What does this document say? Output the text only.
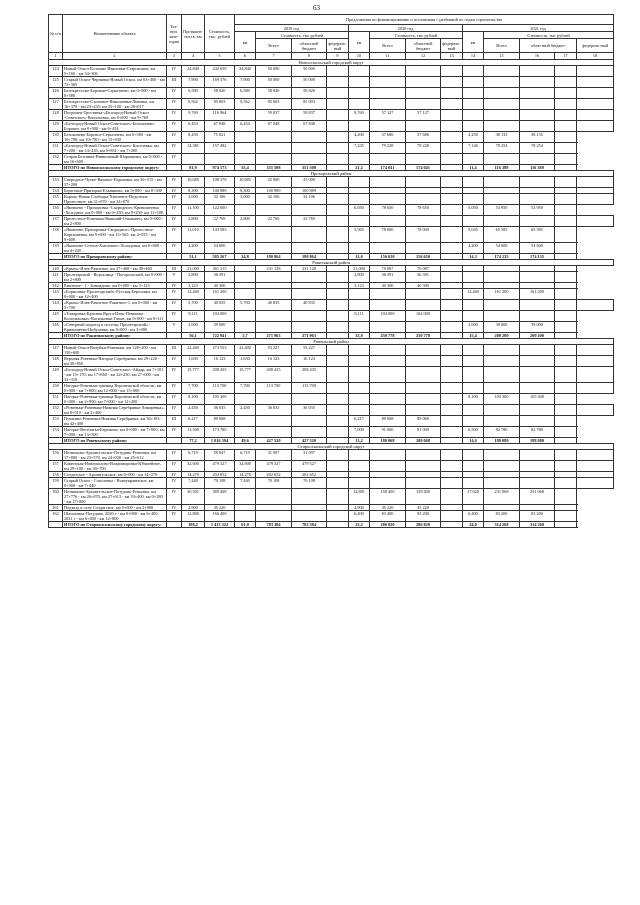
63
№ п/п	Наименование объекта	Тех-нич. кате-гория	Протяжен-ность, км	Стоимость, тыс. рублей	Предложения по финансированию и источникам с разбивкой по годам строительства													
					2019 год				2020 год				2021 год					
					км	Стоимость, тыс рублей			км	Стоимость, тыс рублей			км	Стоимость, тыс рублей				
						Всего	областной бюджет	федераль-ный		Всего	областной бюджет	федераль-ный		Всего	областной бюджет		федераль-ный	
1	2	3	4	5	6	7	8	9	10	11	12	13	14	15	16	17		18	
Новооскольский городской округ																		
124	Новый Оскол-Большие Ивановки-Старокожев, км 5+160 - км 34+306	IV	24,840	242 659	24,840	50 000	50 000											
125	Старый Оскол-Чернянка-Новый Оскол, км 63+400 - км 72+365	III	7,900	169 576	7,900	50 000	50 000											
126	Белокрестово-Боровые-Серьезнево, км 0+000 - км 6+580	IV	6,580	58 820	6,580	58 820	58 820											
127	Белокрестово-Слоновое-Николаевка-Львовка, км 16+370 - км 23+435; км 25+100 - км 28+017	IV	9,562	85 003	9,562	85 003	85 003											
128	Погромец-Тростянка-«Белгород-Новый Оскол -Советское»-Васильевка, км 0+000 - км 9+769	IV	9,769	116 964		59 837	59 837		9,769	57 127	57 127							
129	«Белгород-Новый Оскол-Советское»-Белоконево-Боровое, км 0+000 - км 6+454	IV	6,454	67 848	6,454	67 848	67 848											
130	Белоконево-Боровое-Серьезнево, км 6+580 - км 10+780; км 10+780 - км 15+030	IV	8,450	75 821					4,200	37 686	37 686		4,250	38 135	38 135			
131	«Белгород-Новый Оскол-Советское»-Киселевка, км 7+200 - км 14+435; км 0+831 - км 7+200	IV	14,381	157 482					7,235	79 228	79 228		7,146	78 254	78 254			
132	Старая Безгинка-Равнильный-Шарапинка, км 0+000 - км 16+600	IV																
	ИТОГО по Новооскольскому городскому округу:		81,9	974 173	55,4	351 508	351 508		21,2	174 041	174 041		11,4	116 389	116 389			
Прохоровский район																		
133	Скородное-Чуево-Вязовое-Радьковка, км 26+515 - км 37+200	IV	10,685	108 378	10,685	25 000	25 000											
134	Береговое-Призораи-Ельниково, км 0+000 - км 8+300	IV	8,300	100 989	8,300	100 989	100 989											
135	Корочь-Новая Слободка-Хмелевое-Подольхи-Прелестное, км 31+070 - км 34+070	IV	3,000	32 106	3,000	32 106	32 106											
136	«Яковлево - Прохоровка -Скородное»-Кривошеевка -Холодное, км 0+000 - км 0+250; км 0+250- км 11+100	IV	11,100	122 600					6,050	78 650	78 650		5,050	53 950	53 950			
137	Прелестное-Ключики-Вышний-Ольшанец, км 0+000 - км 2+800	IV	2,800	22 769	2,800	22 769	22 769											
138	«Яковлево-Прохоровка-Скородное»-Прелестное-Картышевка, км 9+600 - км 15+565; км 4+555 - км 9+600	IV	11,010	143 585					5,965	78 000	78 000		5,045	65 585	65 585			
139	«Яковлево-Сетное-Хмелевое»-Холодовка, км 0+000 - км 4+200	IV	4,200	54 600									4,200	54 600	54 600			
	ИТОГО по Прохоровскому району:		51,1	585 267	24,8	180 864	180 864		12,0	156 650	156 650		14,3	174 135	174 135			
Ракитянский район																		
140	«Крым»-Илек-Ракитное, км 27+460 - км 48+460	III	21,000	361 215		231 128	231 128		21,000	70 087	70 087							
141	Пролетарский - Ворсклица - Погорельский, км 0+000 - км 2+800	V	2,800	36 391					2,800	36 391	36 391							
142	Ракитное - 1 - Зинаидино, км 0+000 - км 3+123	IV	3,123	40 300					3,123	40 300	40 300							
143	«Борисовка-Пролетарский»-Русская Березовка, км 0+000 - км 12+400	IV	12,400	161 200									12,400	161 200	161 200			
144	«Крым»-Илек-Ракитное-Ракитное-1, км 0+000 - км 5+700	IV	5,700	40 835	5,700	40 835	40 835											
145	«Томаровка-Красная Яруга-Илек-Пеньково-Колотиловка»-Васильевки Гапон, км 0+000 - км 8+111	IV	8,111	104 000					8,111	104 000	104 000							
146	«Северный подъезд к поселку Пролетарский»-Кривошеево-Цибулевка, км 0+000 - км 3+000	V	3,000	39 000									3,000	39 000	39 000			
	ИТОГО по Ракитянскому району:		56,1	722 941	5,7	271 963	271 963		35,0	250 778	250 778		15,4	200 200	200 200			
Ровеньский район																		
147	Новый Оскол-Валуйки-Ровеньки, км 128+200 - км 150+600	III	22,400	273 553	22,400	53 227	53 227											
148	Верхняя Ровенька-Нагорье Серебрянка, км 29+220 - км 30+850	IV	1,630	16 123	1,630	16 123	16 123											
149	«Белгород-Новый Оскол-Советское»-Айдар, км 7+101 - км 13+170; км 17+860 - км 22+250; км 27+000 - км 31+318	IV	15,777	208 435	15,777	208 435	208 435											
150	Нагорье-Ровеньки-граница Воронежской области, км 0+000 - км 7+000; км 12+000 - км 15+000	IV	7,700	113 700	7,700	113 700	113 700											
151	Нагорье-Ровеньки-граница Воронежской области, км 0+000 - км 2+900; км 7+000 - км 12+200	IV	8,100	105 300									8,100	105 300	105 300			
152	«Ровеньки-Ровеньки-Нижняя Серебрянка-Лимарёвка», км 0+010 - км 2+460	IV	2,450	36 035	2,450	36 035	36 035											
153	Пушкино-Ровеньки-Нижняя Серебрянка, км 36+183 - км 42+400	III	6,217	89 068					6,217	89 068	89 068							
154	Нагорье-Весёлатка-Бережное, км 0+000 - км 7+000; км 7+000 - км 13+500	IV	13,500	173 780					7,000	91 000	91 000		6,500	82 780	82 780			
	ИТОГО по Ровеньскому району:		77,2	1 016 394	49,6	427 520	427 520		13,2	180 068	180 068		14,6	188 080	188 080			
Старооскольский городской округ																		
156	Незнамово-Архангельское-Потудань-Репьевка, км 17+800 - км 23+570, км 24+020 - км 25+612	IV	6,719	59 947	6,719	31 097	31 097											
157	Каменская-Новоуколово-Владимировка-Юбилейное, км 29+100 - км 30+700	IV	32,600	479 527	32,600	479 527	479 527											
158	Солдатское - Архангельское, км 0+000 - км 14+270	IV	14,270	202 652	14,270	202 652	202 652											
159	Старый Оскол - Соколовка - Новоукраинское, км 0+000 - км 7+440	IV	7,440	70 108	7,440	70 108	70 108											
160	Незнамово-Архангельское-Потудань-Репьевка, км 27+776 - км 26+870, км 27+613 - км 33+400, км 0+380 - км 17+800	IV	30,501	389 468					12,881	158 400	158 400		17,620	231 068	231 068			
161	Подъезд к селу Солдатское, км 0+000 - км 2+900	IV	2,900	45 220					2,900	45 220	45 220							
162	Шаталовка-Потудань, 2020 г - км 0+000 - км 6+400; 2021 г - км 6+400 - км 12+800	IV	12,800	166 400					6,400	83 200	83 200		6,400	83 200	83 200			
	ИТОГО по Старооскольскому городскому округу:		108,2	1 413 322	61,0	783 384	783 384		22,2	286 820	286 820		24,0	314 268	314 268			
